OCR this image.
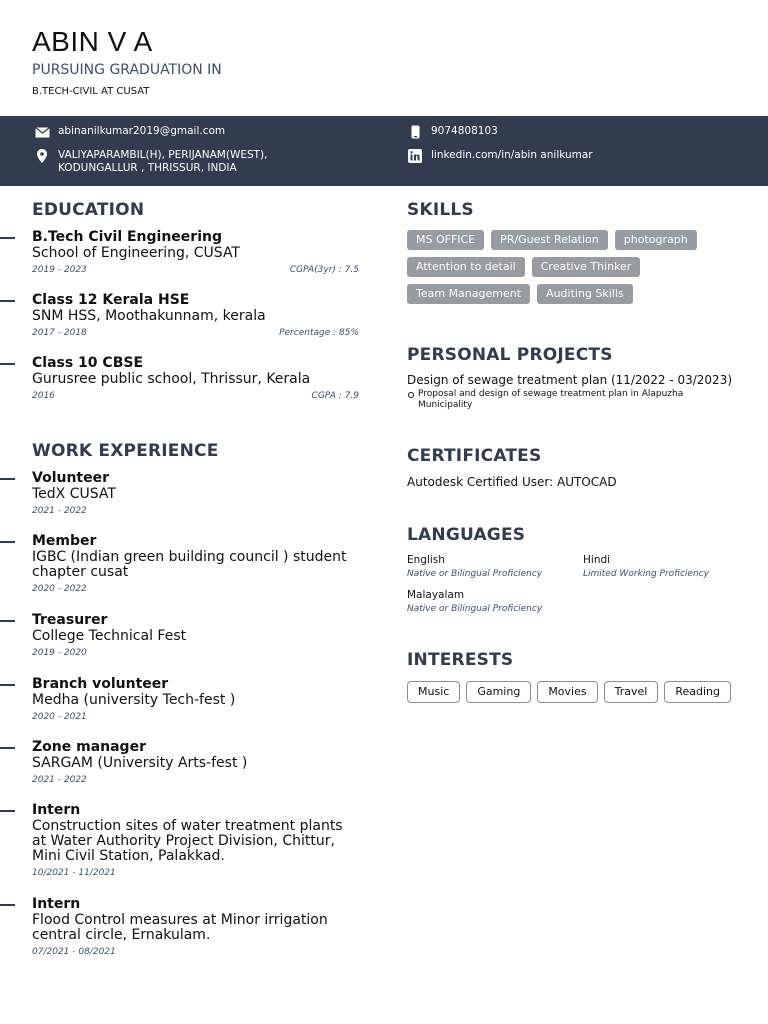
ABIN V A
PURSUING GRADUATION IN
B.TECH-CIVIL AT CUSAT
abinanilkumar2019@gmail.com	9074808103
VALIYAPARAMBIL(H), PERIJANAM(WEST),
KODUNGALLUR , THRISSUR, INDIA
linkedin.com/in/abin anilkumar
EDUCATION
B.Tech Civil Engineering
School of Engineering, CUSAT
2019 - 2023	CGPA(3yr) : 7.5
Class 12 Kerala HSE
SNM HSS, Moothakunnam, kerala
2017 - 2018	Percentage : 85%
Class 10 CBSE
Gurusree public school, Thrissur, Kerala
2016	CGPA : 7.9
WORK EXPERIENCE
Volunteer
TedX CUSAT
2021 - 2022
Member
IGBC (Indian green building council ) student chapter cusat
2020 - 2022
Treasurer
College Technical Fest
2019 - 2020
Branch volunteer
Medha (university Tech-fest )
2020 - 2021
Zone manager
SARGAM (University Arts-fest )
2021 - 2022
Intern
Construction sites of water treatment plants at Water Authority Project Division, Chittur, Mini Civil Station, Palakkad.
10/2021 - 11/2021
Intern
Flood Control measures at Minor irrigation central circle, Ernakulam.
07/2021 - 08/2021
SKILLS
MS OFFICE	PR/Guest Relation	photograph
Attention to detail	Creative Thinker
Team Management	Auditing Skills
PERSONAL PROJECTS
Design of sewage treatment plan (11/2022 - 03/2023)
Proposal and design of sewage treatment plan in Alapuzha Municipality
CERTIFICATES
Autodesk Certified User: AUTOCAD
LANGUAGES
English
Native or Bilingual Proficiency
Hindi
Limited Working Proficiency
Malayalam
Native or Bilingual Proficiency
INTERESTS
Music	Gaming	Movies	Travel	Reading
